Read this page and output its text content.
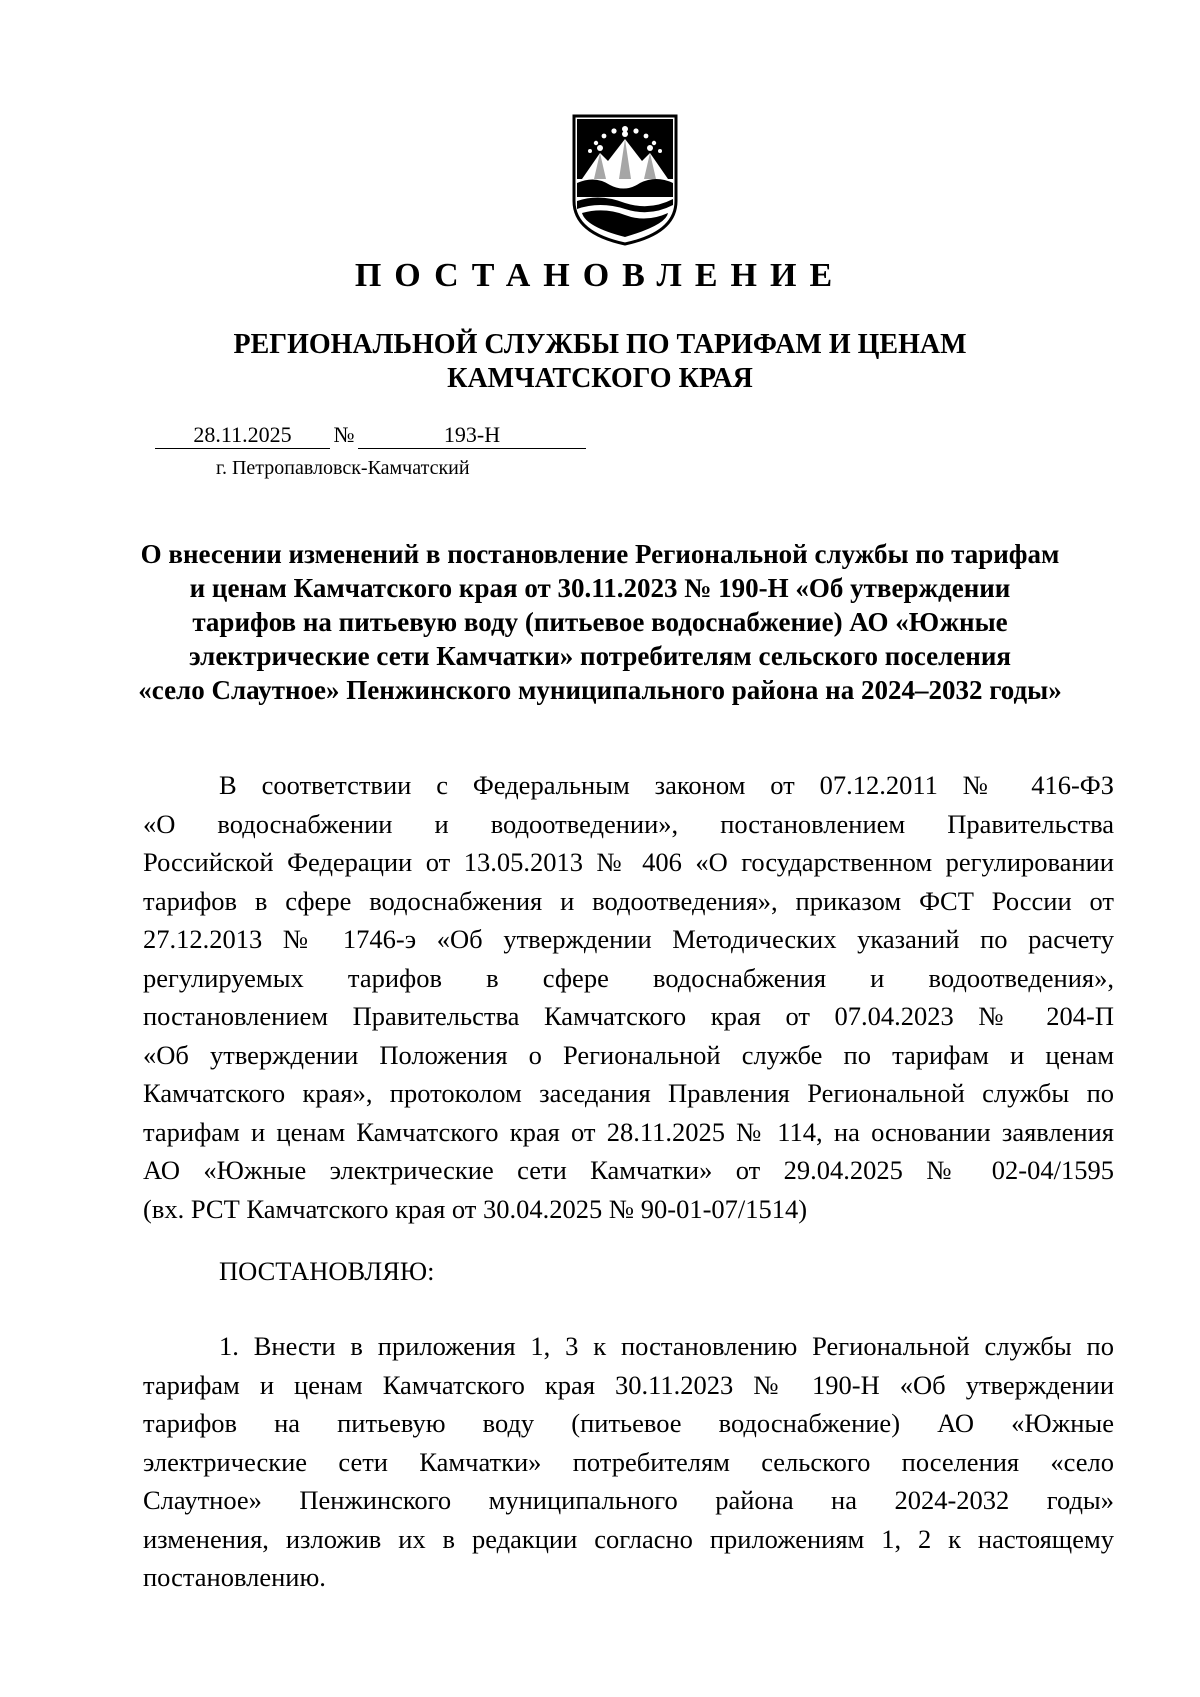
ПОСТАНОВЛЕНИЕ
РЕГИОНАЛЬНОЙ СЛУЖБЫ ПО ТАРИФАМ И ЦЕНАМ
КАМЧАТСКОГО КРАЯ
28.11.2025 №	193-Н
г. Петропавловск-Камчатский
О внесении изменений в постановление Региональной службы по тарифам
и ценам Камчатского края от 30.11.2023 № 190-Н «Об утверждении
тарифов на питьевую воду (питьевое водоснабжение) АО «Южные
электрические сети Камчатки» потребителям сельского поселения
«село Слаутное» Пенжинского муниципального района на 2024–2032 годы»
В соответствии с Федеральным законом от 07.12.2011 № 416-ФЗ
«О водоснабжении и водоотведении», постановлением Правительства
Российской Федерации от 13.05.2013 № 406 «О государственном регулировании
тарифов в сфере водоснабжения и водоотведения», приказом ФСТ России от
27.12.2013 № 1746-э «Об утверждении Методических указаний по расчету
регулируемых тарифов в сфере водоснабжения и водоотведения»,
постановлением Правительства Камчатского края от 07.04.2023 № 204-П
«Об утверждении Положения о Региональной службе по тарифам и ценам
Камчатского края», протоколом заседания Правления Региональной службы по
тарифам и ценам Камчатского края от 28.11.2025 № 114, на основании заявления
АО «Южные электрические сети Камчатки» от 29.04.2025 № 02-04/1595
(вх. РСТ Камчатского края от 30.04.2025 № 90-01-07/1514)
ПОСТАНОВЛЯЮ:
1. Внести в приложения 1, 3 к постановлению Региональной службы по
тарифам и ценам Камчатского края 30.11.2023 № 190-Н «Об утверждении
тарифов на питьевую воду (питьевое водоснабжение) АО «Южные
электрические сети Камчатки» потребителям сельского поселения «село
Слаутное» Пенжинского муниципального района на 2024-2032 годы»
изменения, изложив их в редакции согласно приложениям 1, 2 к настоящему
постановлению.
